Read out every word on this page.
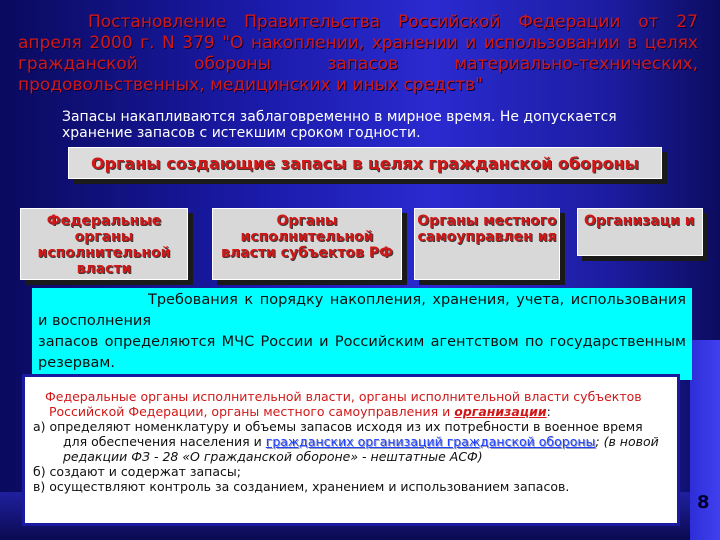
Постановление Правительства Российской Федерации от 27 апреля 2000 г. N 379 "О накоплении, хранении и использовании в целях гражданской обороны запасов материально-технических, продовольственных, медицинских и иных средств"

Запасы накапливаются заблаговременно в мирное время. Не допускается хранение запасов с истекшим сроком годности.

Органы создающие запасы в целях гражданской обороны
Федеральные органы исполнительной власти
Органы исполнительной власти субъектов РФ
Органы местного самоуправлен ия
Организаци и
Требования к порядку накопления, хранения, учета, использования и восполнения
запасов определяются МЧС России и Российским агентством по государственным резервам.

Федеральные органы исполнительной власти, органы исполнительной власти субъектов Российской Федерации, органы местного самоуправления и организации:

а) определяют номенклатуру и объемы запасов исходя из их потребности в военное время для обеспечения населения и гражданских организаций гражданской обороны; (в новой редакции ФЗ - 28 «О гражданской обороне» - нештатные АСФ)

б) создают и содержат запасы;

в) осуществляют контроль за созданием, хранением и использованием запасов.

8
